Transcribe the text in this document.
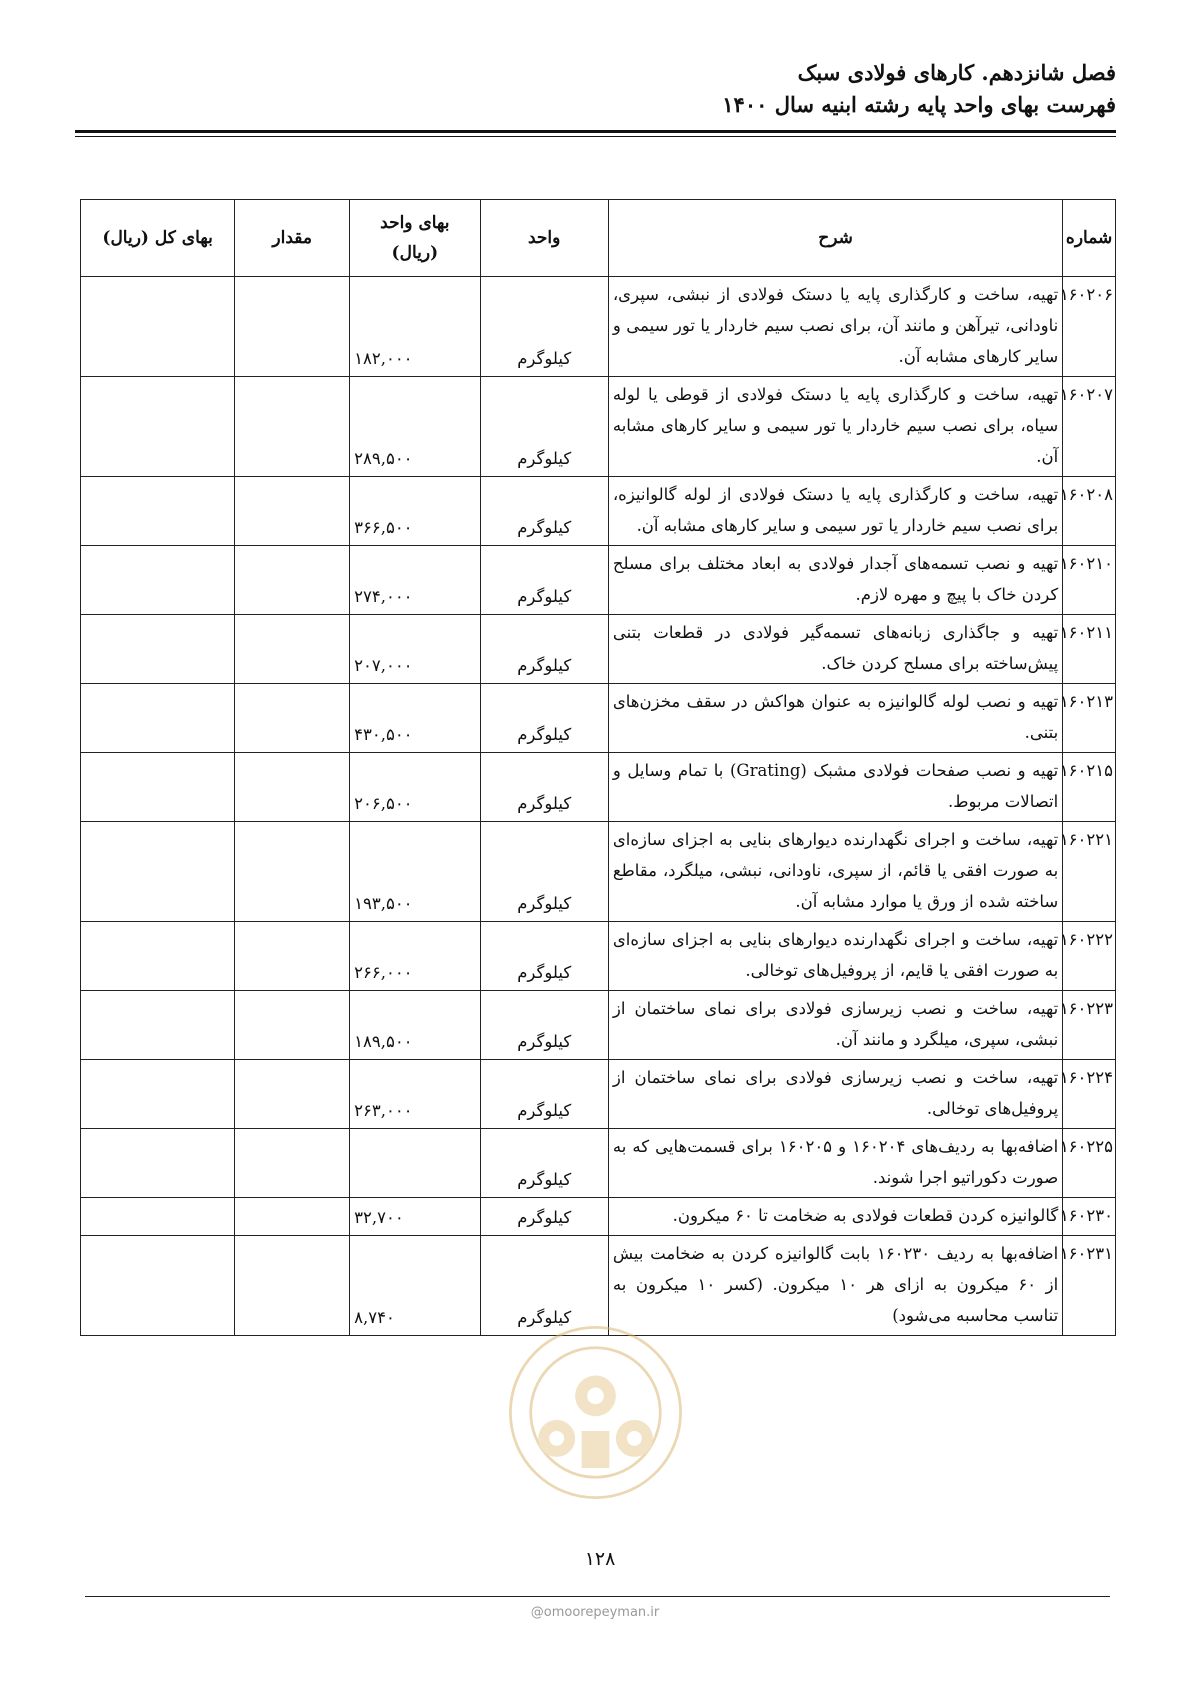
فصل شانزدهم. کارهای فولادی سبک
فهرست بهای واحد پایه رشته ابنیه سال ۱۴۰۰
شماره	شرح	واحد	بهای واحد (ریال)	مقدار	بهای کل (ریال)
۱۶۰۲۰۶	تهیه، ساخت و کارگذاری پایه یا دستک فولادی از نبشی، سپری، ناودانی، تیرآهن و مانند آن، برای نصب سیم خاردار یا تور سیمی و سایر کارهای مشابه آن.	کیلوگرم	۱۸۲,۰۰۰		
۱۶۰۲۰۷	تهیه، ساخت و کارگذاری پایه یا دستک فولادی از قوطی یا لوله سیاه، برای نصب سیم خاردار یا تور سیمی و سایر کارهای مشابه آن.	کیلوگرم	۲۸۹,۵۰۰		
۱۶۰۲۰۸	تهیه، ساخت و کارگذاری پایه یا دستک فولادی از لوله گالوانیزه، برای نصب سیم خاردار یا تور سیمی و سایر کارهای مشابه آن.	کیلوگرم	۳۶۶,۵۰۰		
۱۶۰۲۱۰	تهیه و نصب تسمه‌های آجدار فولادی به ابعاد مختلف برای مسلح کردن خاک با پیچ و مهره لازم.	کیلوگرم	۲۷۴,۰۰۰		
۱۶۰۲۱۱	تهیه و جاگذاری زبانه‌های تسمه‌گیر فولادی در قطعات بتنی پیش‌ساخته برای مسلح کردن خاک.	کیلوگرم	۲۰۷,۰۰۰		
۱۶۰۲۱۳	تهیه و نصب لوله گالوانیزه به عنوان هواکش در سقف مخزن‌های بتنی.	کیلوگرم	۴۳۰,۵۰۰		
۱۶۰۲۱۵	تهیه و نصب صفحات فولادی مشبک (Grating) با تمام وسایل و اتصالات مربوط.	کیلوگرم	۲۰۶,۵۰۰		
۱۶۰۲۲۱	تهیه، ساخت و اجرای نگهدارنده دیوارهای بنایی به اجزای سازه‌ای به صورت افقی یا قائم، از سپری، ناودانی، نبشی، میلگرد، مقاطع ساخته شده از ورق یا موارد مشابه آن.	کیلوگرم	۱۹۳,۵۰۰		
۱۶۰۲۲۲	تهیه، ساخت و اجرای نگهدارنده دیوارهای بنایی به اجزای سازه‌ای به صورت افقی یا قایم، از پروفیل‌های توخالی.	کیلوگرم	۲۶۶,۰۰۰		
۱۶۰۲۲۳	تهیه، ساخت و نصب زیرسازی فولادی برای نمای ساختمان از نبشی، سپری، میلگرد و مانند آن.	کیلوگرم	۱۸۹,۵۰۰		
۱۶۰۲۲۴	تهیه، ساخت و نصب زیرسازی فولادی برای نمای ساختمان از پروفیل‌های توخالی.	کیلوگرم	۲۶۳,۰۰۰		
۱۶۰۲۲۵	اضافه‌بها به ردیف‌های ۱۶۰۲۰۴ و ۱۶۰۲۰۵ برای قسمت‌هایی که به صورت دکوراتیو اجرا شوند.	کیلوگرم			
۱۶۰۲۳۰	گالوانیزه کردن قطعات فولادی به ضخامت تا ۶۰ میکرون.	کیلوگرم	۳۲,۷۰۰		
۱۶۰۲۳۱	اضافه‌بها به ردیف ۱۶۰۲۳۰ بابت گالوانیزه کردن به ضخامت بیش از ۶۰ میکرون به ازای هر ۱۰ میکرون. (کسر ۱۰ میکرون به تناسب محاسبه می‌شود)	کیلوگرم	۸,۷۴۰		
۱۲۸
@omoorepeyman.ir
